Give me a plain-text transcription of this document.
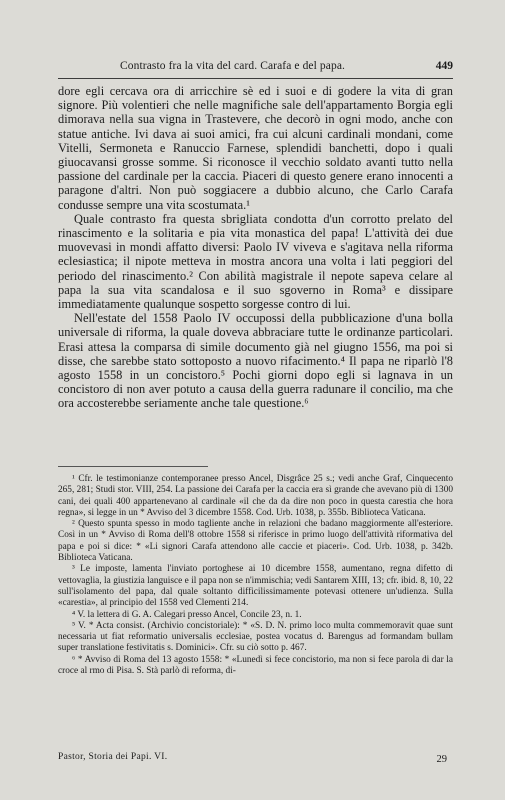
Contrasto fra la vita del card. Carafa e del papa.	449

dore egli cercava ora di arricchire sè ed i suoi e di godere la vita di gran signore. Più volentieri che nelle magnifiche sale dell'appartamento Borgia egli dimorava nella sua vigna in Trastevere, che decorò in ogni modo, anche con statue antiche. Ivi dava ai suoi amici, fra cui alcuni cardinali mondani, come Vitelli, Sermoneta e Ranuccio Farnese, splendidi banchetti, dopo i quali giuocavansi grosse somme. Si riconosce il vecchio soldato avanti tutto nella passione del cardinale per la caccia. Piaceri di questo genere erano innocenti a paragone d'altri. Non può soggiacere a dubbio alcuno, che Carlo Carafa condusse sempre una vita scostumata.¹

Quale contrasto fra questa sbrigliata condotta d'un corrotto prelato del rinascimento e la solitaria e pia vita monastica del papa! L'attività dei due muovevasi in mondi affatto diversi: Paolo IV viveva e s'agitava nella riforma eclesiastica; il nipote metteva in mostra ancora una volta i lati peggiori del periodo del rinascimento.² Con abilità magistrale il nepote sapeva celare al papa la sua vita scandalosa e il suo sgoverno in Roma³ e dissipare immediatamente qualunque sospetto sorgesse contro di lui.

Nell'estate del 1558 Paolo IV occupossi della pubblicazione d'una bolla universale di riforma, la quale doveva abbraciare tutte le ordinanze particolari. Erasi attesa la comparsa di simile documento già nel giugno 1556, ma poi si disse, che sarebbe stato sottoposto a nuovo rifacimento.⁴ Il papa ne riparlò l'8 agosto 1558 in un concistoro.⁵ Pochi giorni dopo egli si lagnava in un concistoro di non aver potuto a causa della guerra radunare il concilio, ma che ora accosterebbe seriamente anche tale questione.⁶

¹ Cfr. le testimonianze contemporanee presso Ancel, Disgrâce 25 s.; vedi anche Graf, Cinquecento 265, 281; Studi stor. VIII, 254. La passione dei Carafa per la caccia era sì grande che avevano più di 1300 cani, dei quali 400 appartenevano al cardinale «il che da da dire non poco in questa carestia che hora regna», si legge in un * Avviso del 3 dicembre 1558. Cod. Urb. 1038, p. 355b. Biblioteca Vaticana.

² Questo spunta spesso in modo tagliente anche in relazioni che badano maggiormente all'esteriore. Così in un * Avviso di Roma dell'8 ottobre 1558 si riferisce in primo luogo dell'attività riformativa del papa e poi si dice: * «Li signori Carafa attendono alle caccie et piaceri». Cod. Urb. 1038, p. 342b. Biblioteca Vaticana.

³ Le imposte, lamenta l'inviato portoghese ai 10 dicembre 1558, aumentano, regna difetto di vettovaglia, la giustizia languisce e il papa non se n'immischia; vedi Santarem XIII, 13; cfr. ibid. 8, 10, 22 sull'isolamento del papa, dal quale soltanto difficilissimamente potevasi ottenere un'udienza. Sulla «carestia», al principio del 1558 ved Clementi 214.

⁴ V. la lettera di G. A. Calegari presso Ancel, Concile 23, n. 1.

⁵ V. * Acta consist. (Archivio concistoriale): * «S. D. N. primo loco multa commemoravit quae sunt necessaria ut fiat reformatio universalis ecclesiae, postea vocatus d. Barengus ad formandam bullam super translatione festivitatis s. Dominici». Cfr. su ciò sotto p. 467.

⁶ * Avviso di Roma del 13 agosto 1558: * «Lunedì si fece concistorio, ma non si fece parola di dar la croce al rmo di Pisa. S. Stà parlò di reforma, di-

Pastor, Storia dei Papi. VI.	29
